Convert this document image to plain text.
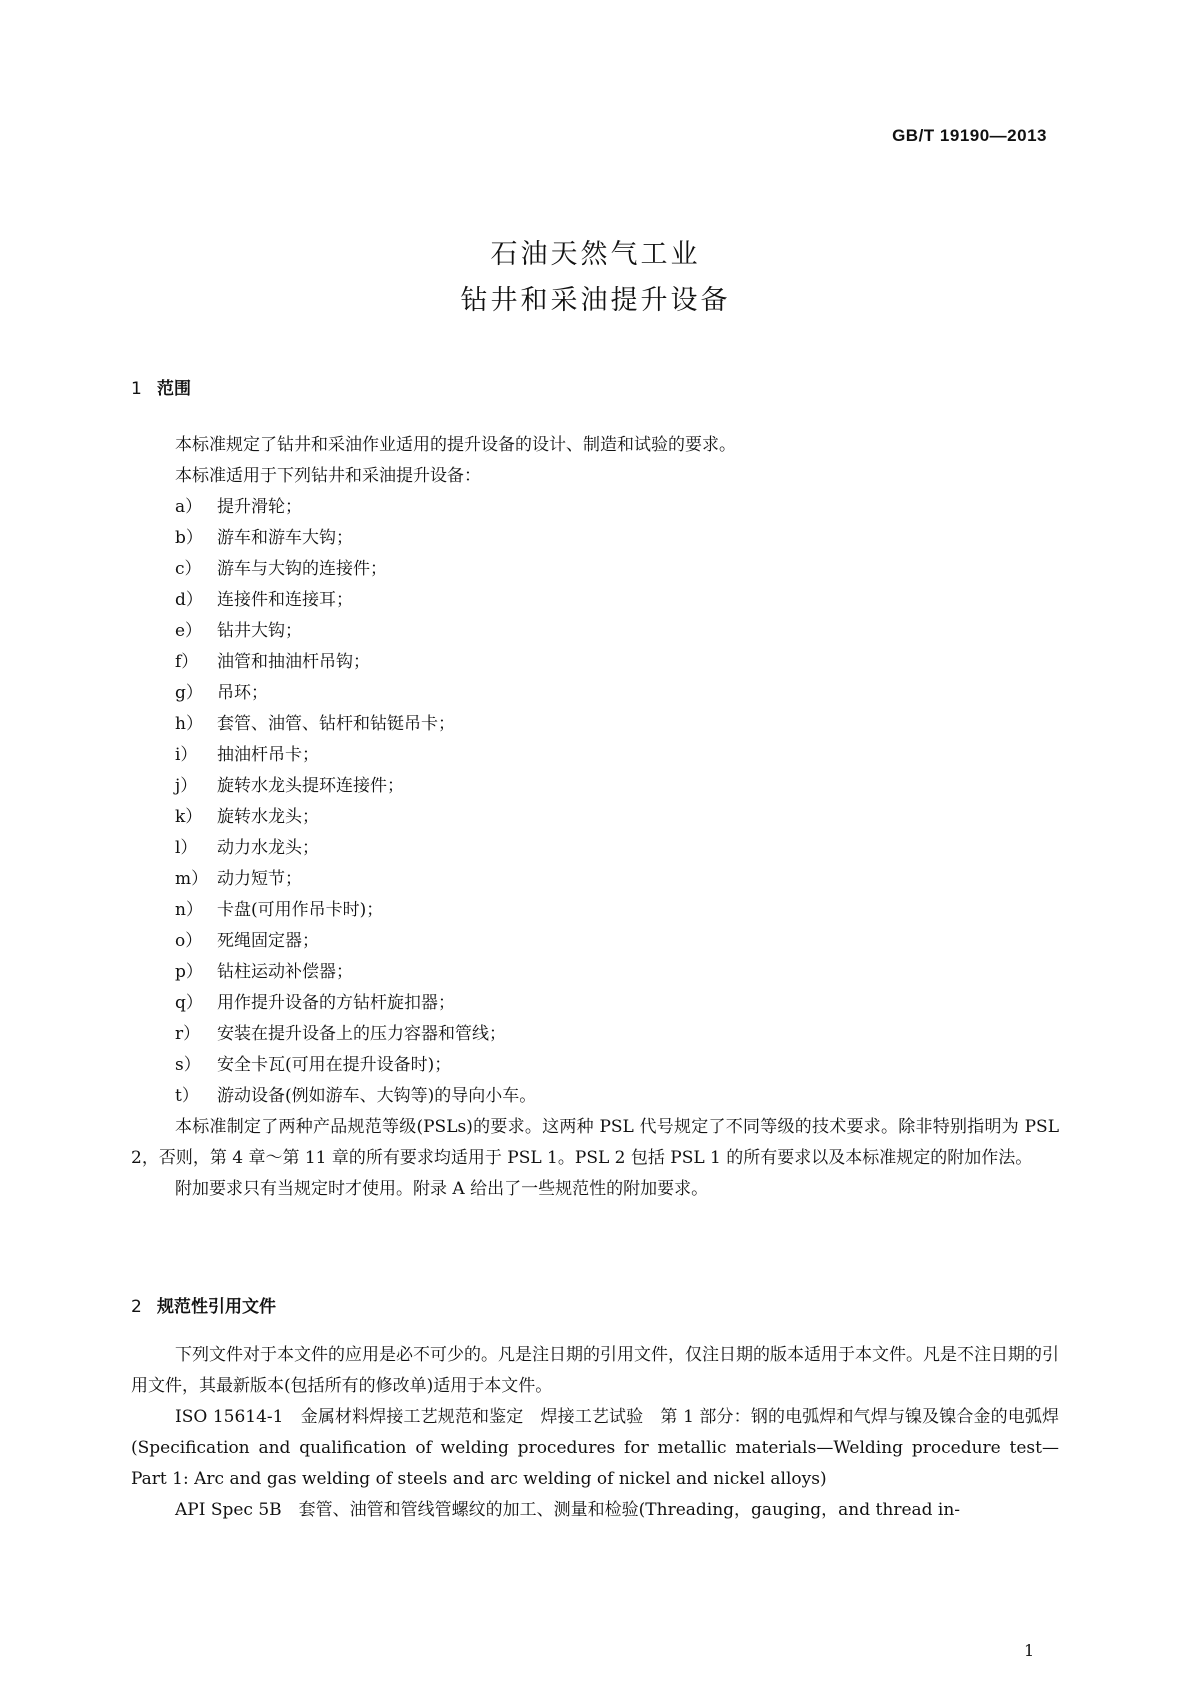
GB/T 19190—2013
石油天然气工业
钻井和采油提升设备
1 范围

本标准规定了钻井和采油作业适用的提升设备的设计、制造和试验的要求。

本标准适用于下列钻井和采油提升设备：

a） 提升滑轮；

b） 游车和游车大钩；

c） 游车与大钩的连接件；

d） 连接件和连接耳；

e） 钻井大钩；

f） 油管和抽油杆吊钩；

g） 吊环；

h） 套管、油管、钻杆和钻铤吊卡；

i） 抽油杆吊卡；

j） 旋转水龙头提环连接件；

k） 旋转水龙头；

l） 动力水龙头；

m） 动力短节；

n） 卡盘(可用作吊卡时)；

o） 死绳固定器；

p） 钻柱运动补偿器；

q） 用作提升设备的方钻杆旋扣器；

r） 安装在提升设备上的压力容器和管线；

s） 安全卡瓦(可用在提升设备时)；

t） 游动设备(例如游车、大钩等)的导向小车。

本标准制定了两种产品规范等级(PSLs)的要求。这两种 PSL 代号规定了不同等级的技术要求。除非特别指明为 PSL 2，否则，第 4 章～第 11 章的所有要求均适用于 PSL 1。PSL 2 包括 PSL 1 的所有要求以及本标准规定的附加作法。

附加要求只有当规定时才使用。附录 A 给出了一些规范性的附加要求。

2 规范性引用文件

下列文件对于本文件的应用是必不可少的。凡是注日期的引用文件，仅注日期的版本适用于本文件。凡是不注日期的引用文件，其最新版本(包括所有的修改单)适用于本文件。

ISO 15614-1　金属材料焊接工艺规范和鉴定　焊接工艺试验　第 1 部分：钢的电弧焊和气焊与镍及镍合金的电弧焊(Specification and qualification of welding procedures for metallic materials—Welding procedure test—Part 1: Arc and gas welding of steels and arc welding of nickel and nickel alloys)

API Spec 5B　套管、油管和管线管螺纹的加工、测量和检验(Threading，gauging，and thread in-

1
